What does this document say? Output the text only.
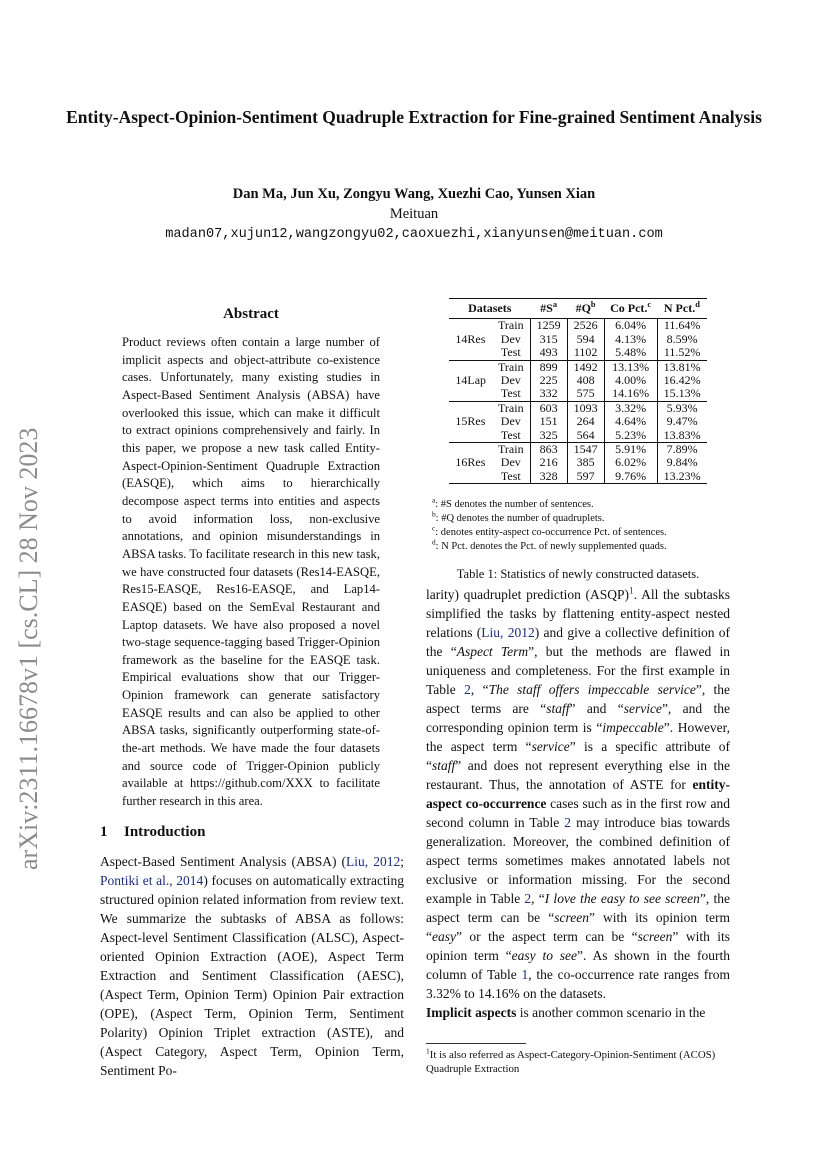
Entity-Aspect-Opinion-Sentiment Quadruple Extraction for Fine-grained Sentiment Analysis
Dan Ma, Jun Xu, Zongyu Wang, Xuezhi Cao, Yunsen Xian
Meituan
madan07,xujun12,wangzongyu02,caoxuezhi,xianyunsen@meituan.com
arXiv:2311.16678v1 [cs.CL] 28 Nov 2023
Abstract
Product reviews often contain a large number of implicit aspects and object-attribute co-existence cases. Unfortunately, many existing studies in Aspect-Based Sentiment Analysis (ABSA) have overlooked this issue, which can make it difficult to extract opinions comprehensively and fairly. In this paper, we propose a new task called Entity-Aspect-Opinion-Sentiment Quadruple Extraction (EASQE), which aims to hierarchically decompose aspect terms into entities and aspects to avoid information loss, non-exclusive annotations, and opinion misunderstandings in ABSA tasks. To facilitate research in this new task, we have constructed four datasets (Res14-EASQE, Res15-EASQE, Res16-EASQE, and Lap14-EASQE) based on the SemEval Restaurant and Laptop datasets. We have also proposed a novel two-stage sequence-tagging based Trigger-Opinion framework as the baseline for the EASQE task. Empirical evaluations show that our Trigger-Opinion framework can generate satisfactory EASQE results and can also be applied to other ABSA tasks, significantly outperforming state-of-the-art methods. We have made the four datasets and source code of Trigger-Opinion publicly available at https://github.com/XXX to facilitate further research in this area.
1 Introduction
Aspect-Based Sentiment Analysis (ABSA) (Liu, 2012; Pontiki et al., 2014) focuses on automatically extracting structured opinion related information from review text. We summarize the subtasks of ABSA as follows: Aspect-level Sentiment Classification (ALSC), Aspect-oriented Opinion Extraction (AOE), Aspect Term Extraction and Sentiment Classification (AESC), (Aspect Term, Opinion Term) Opinion Pair extraction (OPE), (Aspect Term, Opinion Term, Sentiment Polarity) Opinion Triplet extraction (ASTE), and (Aspect Category, Aspect Term, Opinion Term, Sentiment Po-
Datasets		$\#S^a$	$\#Q^b$	Co Pct.$^c$	N Pct.$^d$
14Res	Train	1259	2526	6.04%	11.64%
	Dev	315	594	4.13%	8.59%
	Test	493	1102	5.48%	11.52%
14Lap	Train	899	1492	13.13%	13.81%
	Dev	225	408	4.00%	16.42%
	Test	332	575	14.16%	15.13%
15Res	Train	603	1093	3.32%	5.93%
	Dev	151	264	4.64%	9.47%
	Test	325	564	5.23%	13.83%
16Res	Train	863	1547	5.91%	7.89%
	Dev	216	385	6.02%	9.84%
	Test	328	597	9.76%	13.23%
$^a$: #S denotes the number of sentences.
$^b$: #Q denotes the number of quadruplets.
$^c$: denotes entity-aspect co-occurrence Pct. of sentences.
$^d$: N Pct. denotes the Pct. of newly supplemented quads.
Table 1: Statistics of newly constructed datasets.
larity) quadruplet prediction (ASQP)$^1$. All the subtasks simplified the tasks by flattening entity-aspect nested relations (Liu, 2012) and give a collective definition of the “Aspect Term”, but the methods are flawed in uniqueness and completeness. For the first example in Table 2, “The staff offers impeccable service”, the aspect terms are “staff” and “service”, and the corresponding opinion term is “impeccable”. However, the aspect term “service” is a specific attribute of “staff” and does not represent everything else in the restaurant. Thus, the annotation of ASTE for entity-aspect co-occurrence cases such as in the first row and second column in Table 2 may introduce bias towards generalization. Moreover, the combined definition of aspect terms sometimes makes annotated labels not exclusive or information missing. For the second example in Table 2, “I love the easy to see screen”, the aspect term can be “screen” with its opinion term “easy” or the aspect term can be “screen” with its opinion term “easy to see”. As shown in the fourth column of Table 1, the co-occurrence rate ranges from 3.32% to 14.16% on the datasets.
Implicit aspects is another common scenario in the
$^1$It is also referred as Aspect-Category-Opinion-Sentiment (ACOS) Quadruple Extraction
